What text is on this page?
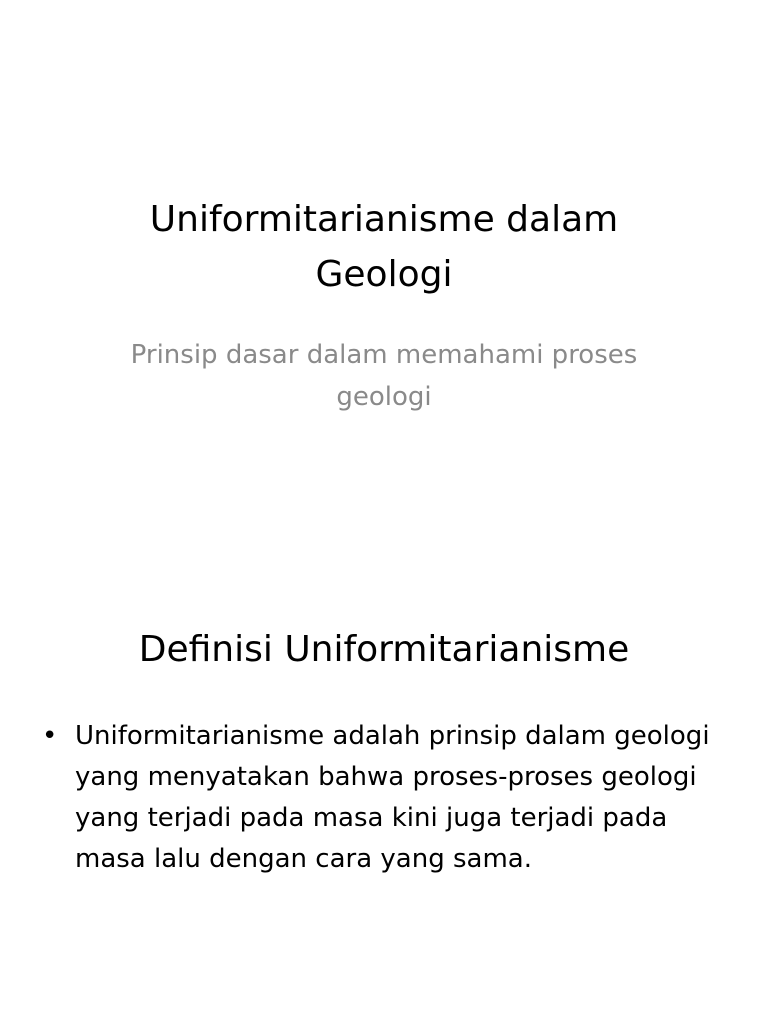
Uniformitarianisme dalam Geologi
Prinsip dasar dalam memahami proses geologi
Definisi Uniformitarianisme
• Uniformitarianisme adalah prinsip dalam geologi yang menyatakan bahwa proses-proses geologi yang terjadi pada masa kini juga terjadi pada masa lalu dengan cara yang sama.
